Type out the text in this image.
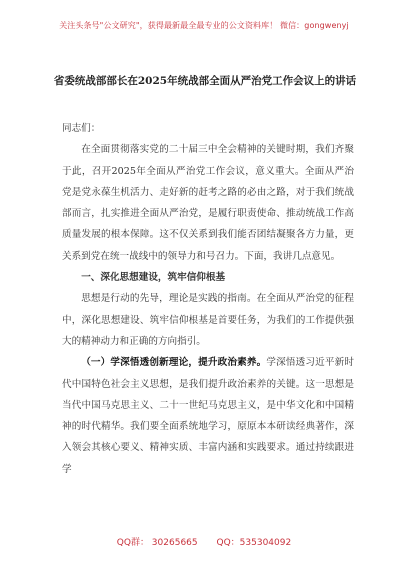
关注头条号"公文研究"，获得最新最全最专业的公文资料库！ 微信：gongwenyj
省委统战部部长在2025年统战部全面从严治党工作会议上的讲话

同志们：

在全面贯彻落实党的二十届三中全会精神的关键时期，我们齐聚于此，召开2025年全面从严治党工作会议，意义重大。全面从严治党是党永葆生机活力、走好新的赶考之路的必由之路，对于我们统战部而言，扎实推进全面从严治党，是履行职责使命、推动统战工作高质量发展的根本保障。这不仅关系到我们能否团结凝聚各方力量，更关系到党在统一战线中的领导力和号召力。下面，我讲几点意见。

一、深化思想建设，筑牢信仰根基

思想是行动的先导，理论是实践的指南。在全面从严治党的征程中，深化思想建设、筑牢信仰根基是首要任务，为我们的工作提供强大的精神动力和正确的方向指引。

（一）学深悟透创新理论，提升政治素养。学深悟透习近平新时代中国特色社会主义思想，是我们提升政治素养的关键。这一思想是当代中国马克思主义、二十一世纪马克思主义，是中华文化和中国精神的时代精华。我们要全面系统地学习，原原本本研读经典著作，深入领会其核心要义、精神实质、丰富内涵和实践要求。通过持续跟进学

QQ群： 30265665 QQ：535304092
